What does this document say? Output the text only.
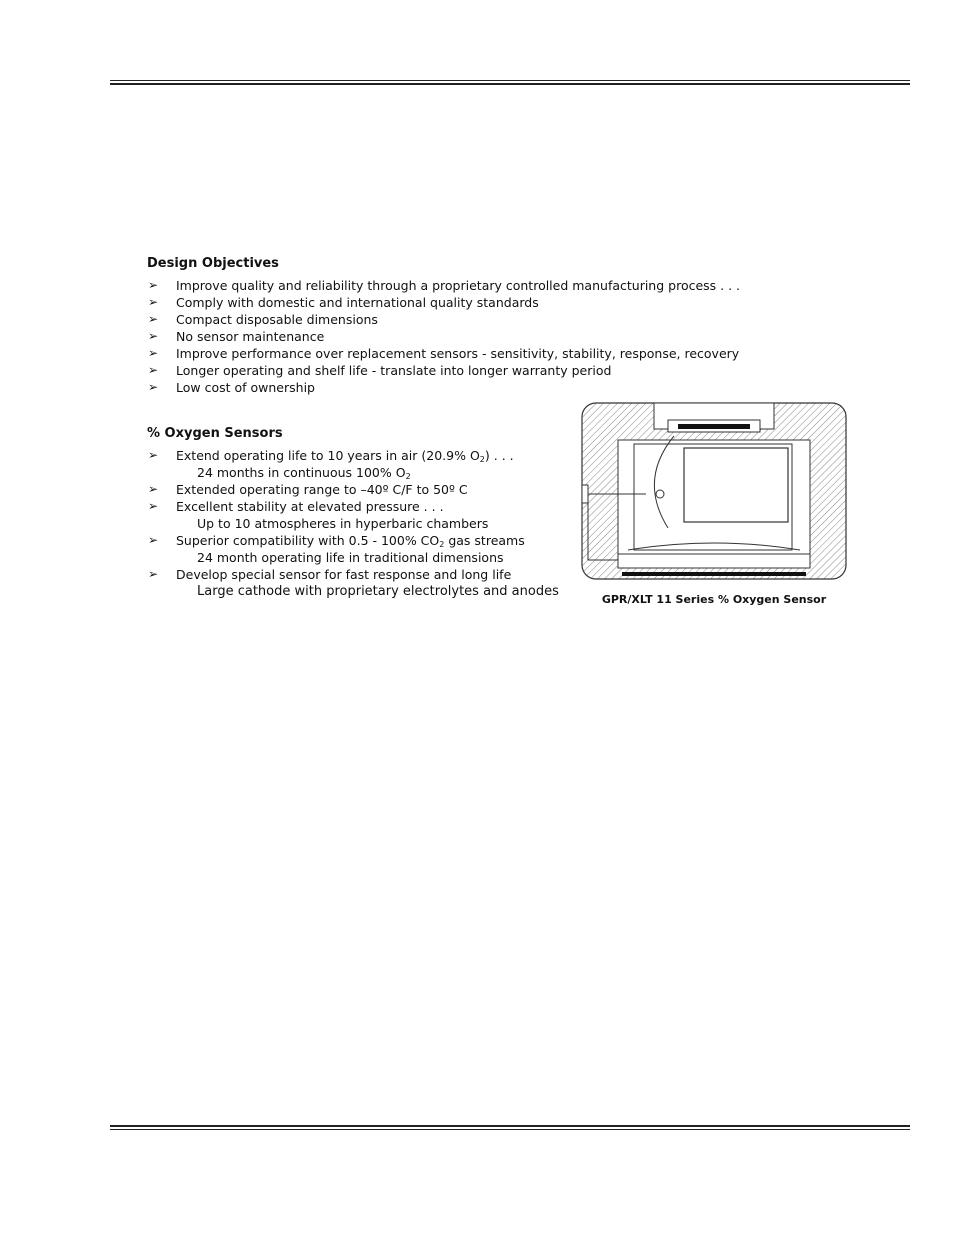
Design Objectives
➢ Improve quality and reliability through a proprietary controlled manufacturing process . . .
➢ Comply with domestic and international quality standards
➢ Compact disposable dimensions
➢ No sensor maintenance
➢ Improve performance over replacement sensors - sensitivity, stability, response, recovery
➢ Longer operating and shelf life - translate into longer warranty period
➢ Low cost of ownership
% Oxygen Sensors
➢ Extend operating life to 10 years in air (20.9% $O_2$) . . .
24 months in continuous 100% $O_2$
➢ Extended operating range to –40º C/F to 50º C
➢ Excellent stability at elevated pressure . . .
Up to 10 atmospheres in hyperbaric chambers
➢ Superior compatibility with 0.5 - 100% $CO_2$ gas streams
24 month operating life in traditional dimensions
➢ Develop special sensor for fast response and long life
Large cathode with proprietary electrolytes and anodes
GPR/XLT 11 Series % Oxygen Sensor
